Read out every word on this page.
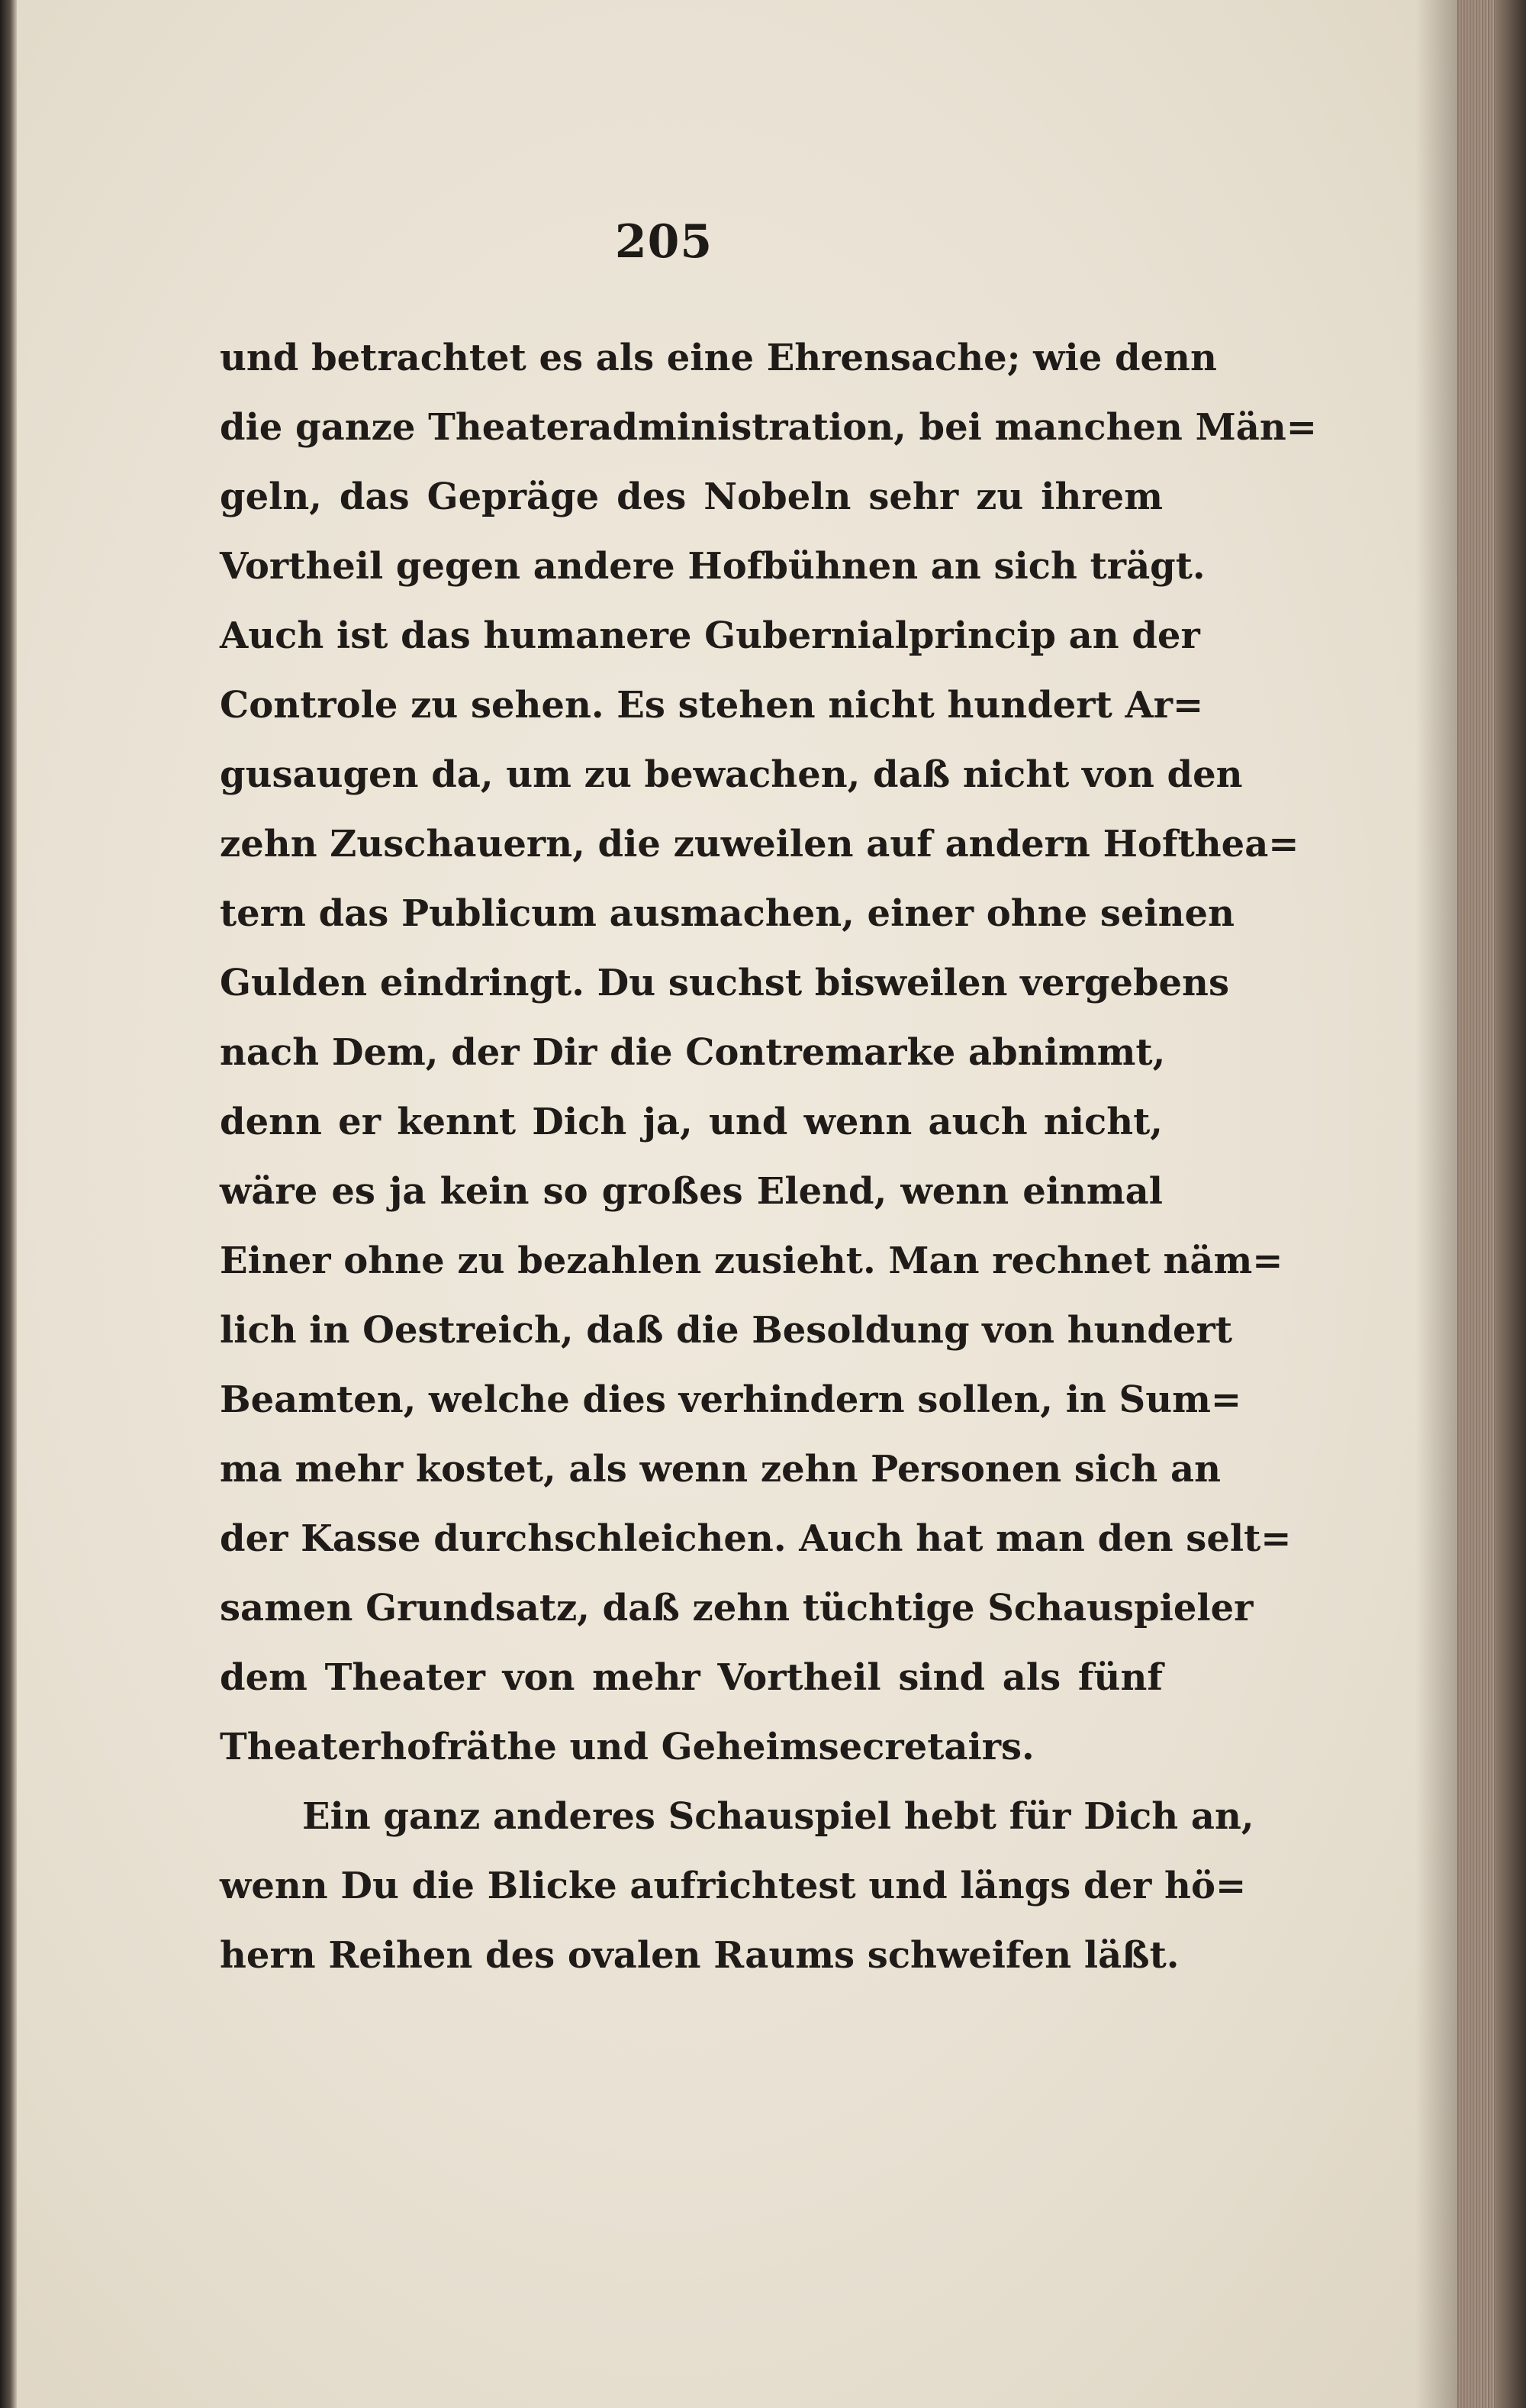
205
und betrachtet es als eine Ehrensache; wie denn
die ganze Theateradministration, bei manchen Män=
geln, das Gepräge des Nobeln sehr zu ihrem
Vortheil gegen andere Hofbühnen an sich trägt.
Auch ist das humanere Gubernialprincip an der
Controle zu sehen. Es stehen nicht hundert Ar=
gusaugen da, um zu bewachen, daß nicht von den
zehn Zuschauern, die zuweilen auf andern Hofthea=
tern das Publicum ausmachen, einer ohne seinen
Gulden eindringt. Du suchst bisweilen vergebens
nach Dem, der Dir die Contremarke abnimmt,
denn er kennt Dich ja, und wenn auch nicht,
wäre es ja kein so großes Elend, wenn einmal
Einer ohne zu bezahlen zusieht. Man rechnet näm=
lich in Oestreich, daß die Besoldung von hundert
Beamten, welche dies verhindern sollen, in Sum=
ma mehr kostet, als wenn zehn Personen sich an
der Kasse durchschleichen. Auch hat man den selt=
samen Grundsatz, daß zehn tüchtige Schauspieler
dem Theater von mehr Vortheil sind als fünf
Theaterhofräthe und Geheimsecretairs.
Ein ganz anderes Schauspiel hebt für Dich an,
wenn Du die Blicke aufrichtest und längs der hö=
hern Reihen des ovalen Raums schweifen läßt.
